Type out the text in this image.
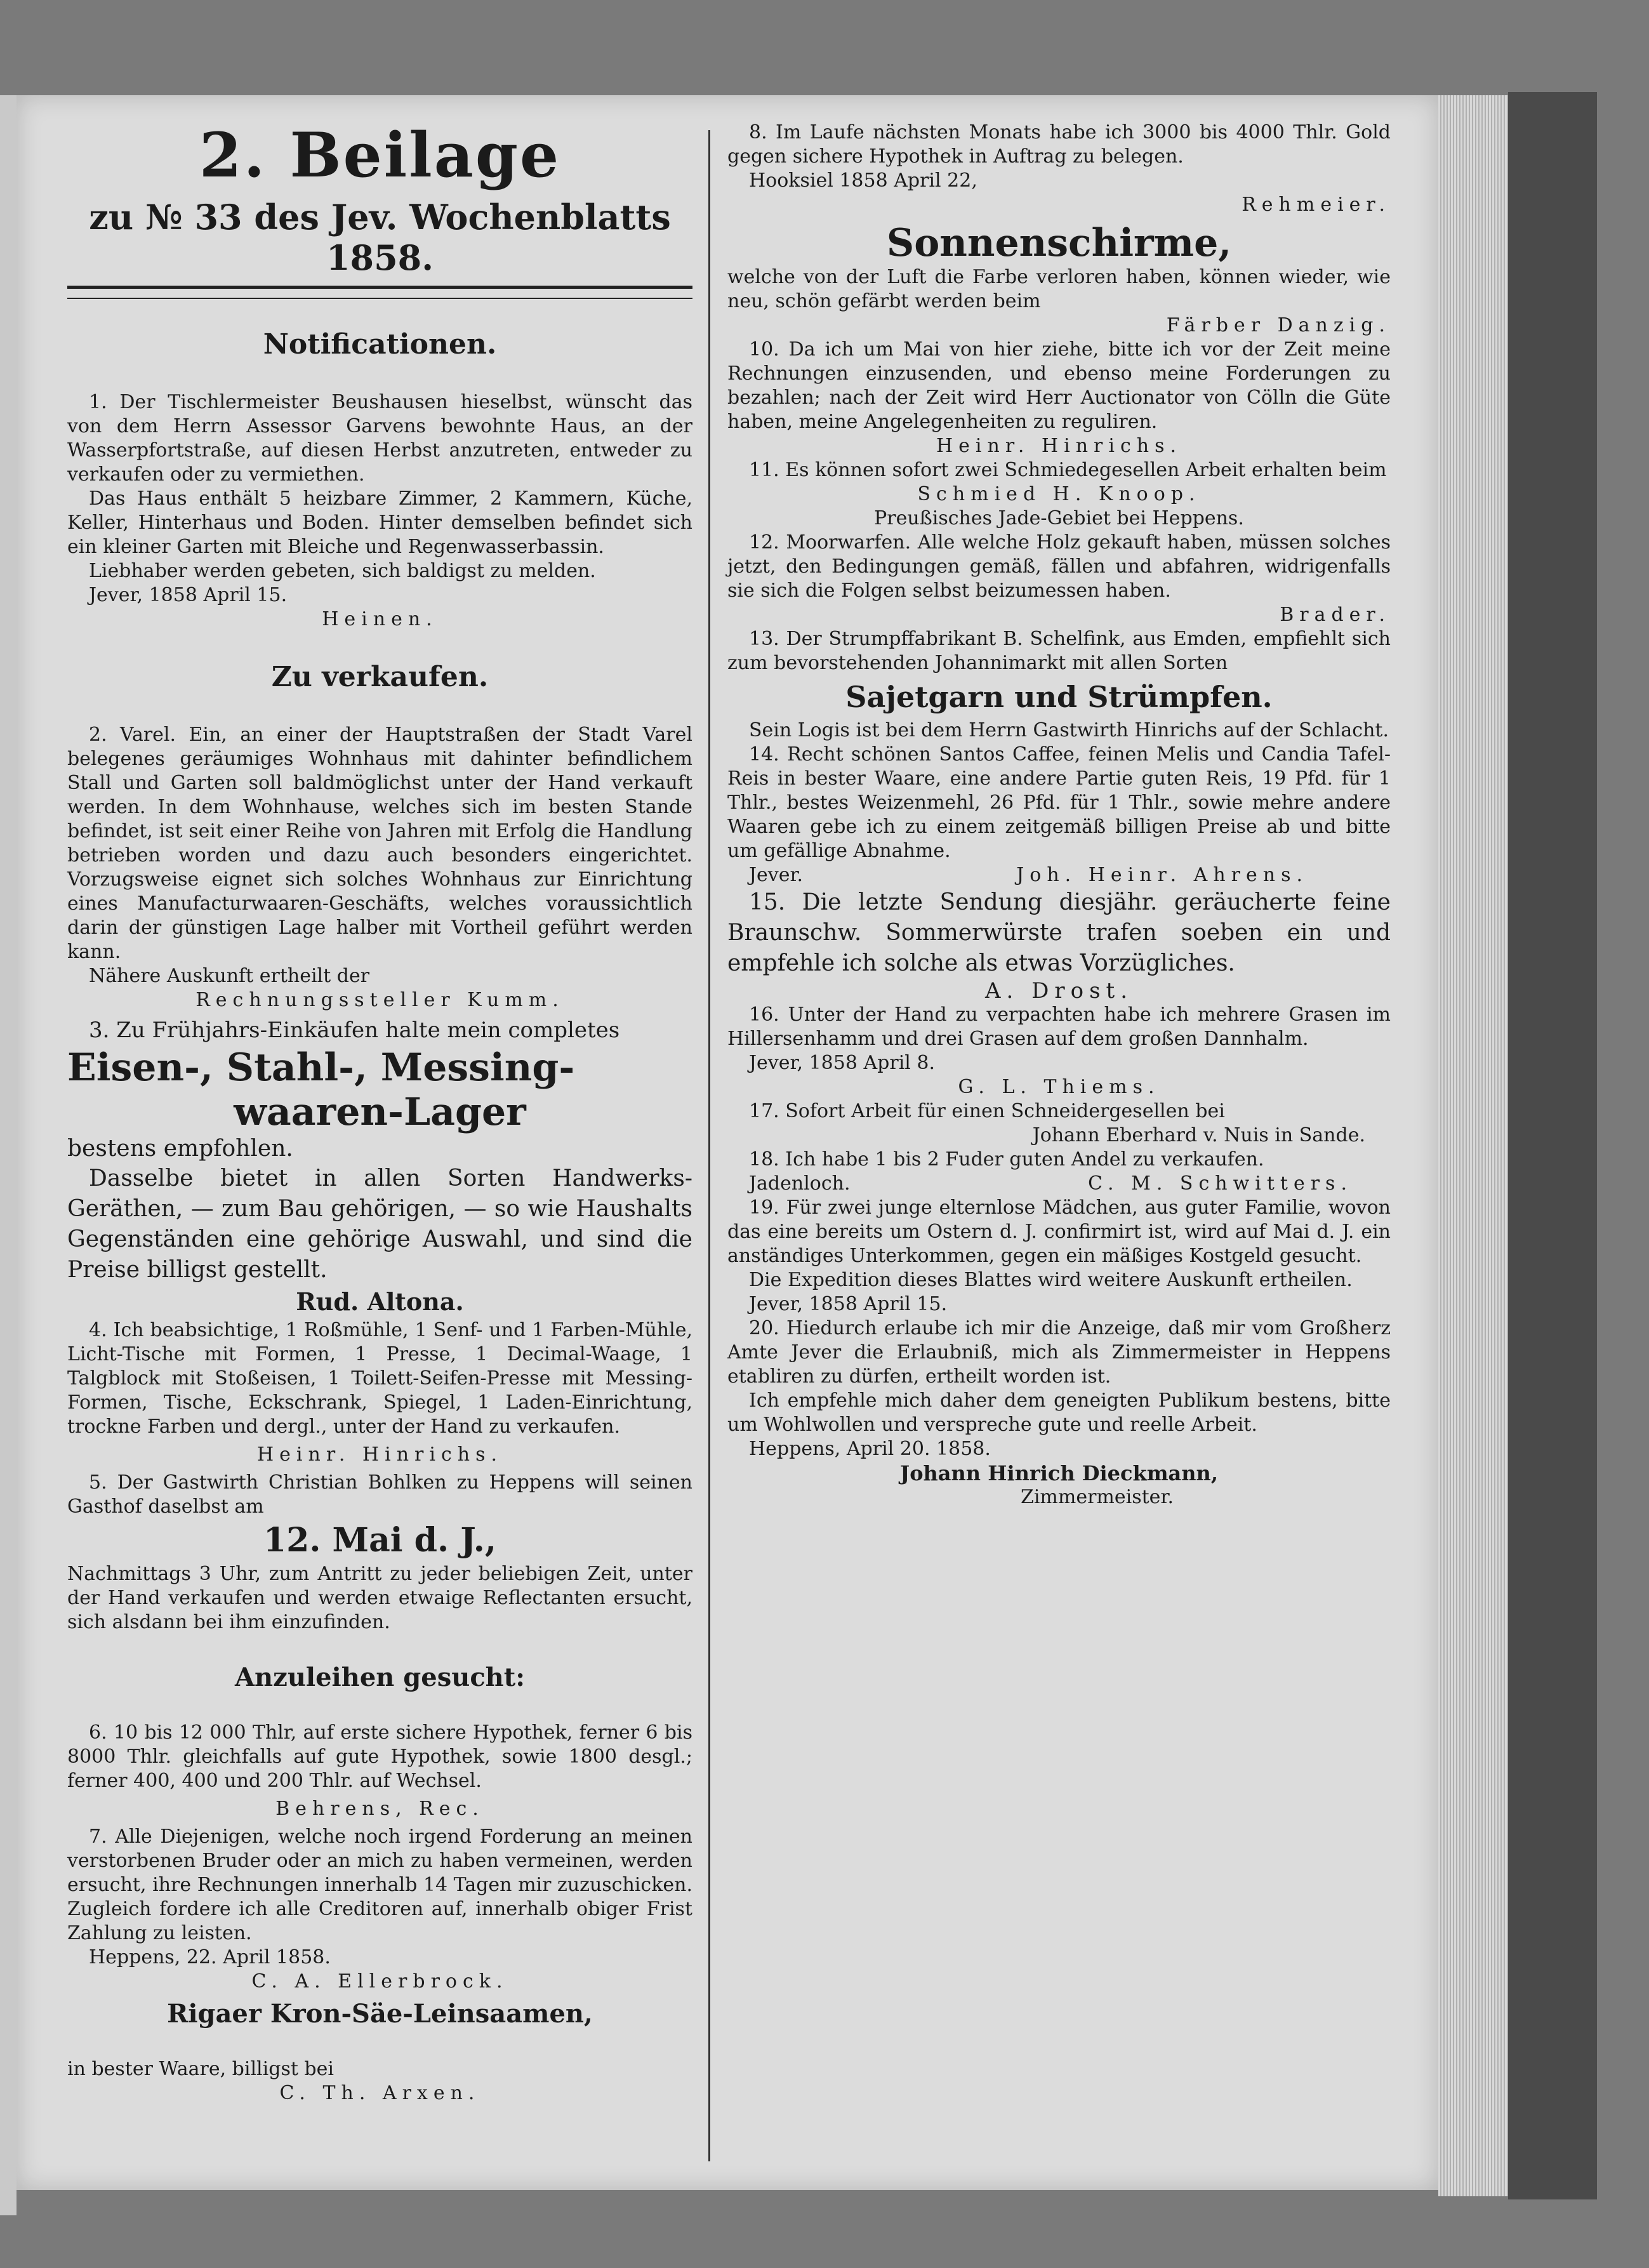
2. Beilage

zu № 33 des Jev. Wochenblatts 1858.

Notificationen.

1. Der Tischlermeister Beushausen hieselbst, wünscht das von dem Herrn Assessor Garvens bewohnte Haus, an der Wasserpfortstraße, auf diesen Herbst anzutreten, entweder zu verkaufen oder zu vermiethen.

Das Haus enthält 5 heizbare Zimmer, 2 Kammern, Küche, Keller, Hinterhaus und Boden. Hinter demselben befindet sich ein kleiner Garten mit Bleiche und Regenwasserbassin.

Liebhaber werden gebeten, sich baldigst zu melden.

Jever, 1858 April 15.

Heinen.

Zu verkaufen.

2. Varel. Ein, an einer der Hauptstraßen der Stadt Varel belegenes geräumiges Wohnhaus mit dahinter befindlichem Stall und Garten soll baldmöglichst unter der Hand verkauft werden. In dem Wohnhause, welches sich im besten Stande befindet, ist seit einer Reihe von Jahren mit Erfolg die Handlung betrieben worden und dazu auch besonders eingerichtet. Vorzugsweise eignet sich solches Wohnhaus zur Einrichtung eines Manufacturwaaren-Geschäfts, welches voraussichtlich darin der günstigen Lage halber mit Vortheil geführt werden kann.

Nähere Auskunft ertheilt der

Rechnungssteller Kumm.

3. Zu Frühjahrs-Einkäufen halte mein completes

Eisen-, Stahl-, Messing-

waaren-Lager

bestens empfohlen.

Dasselbe bietet in allen Sorten Handwerks-Geräthen, — zum Bau gehörigen, — so wie Haushalts Gegenständen eine gehörige Auswahl, und sind die Preise billigst gestellt.

Rud. Altona.

4. Ich beabsichtige, 1 Roßmühle, 1 Senf- und 1 Farben-Mühle, Licht-Tische mit Formen, 1 Presse, 1 Decimal-Waage, 1 Talgblock mit Stoßeisen, 1 Toilett-Seifen-Presse mit Messing-Formen, Tische, Eckschrank, Spiegel, 1 Laden-Einrichtung, trockne Farben und dergl., unter der Hand zu verkaufen.

Heinr. Hinrichs.

5. Der Gastwirth Christian Bohlken zu Heppens will seinen Gasthof daselbst am

12. Mai d. J.,

Nachmittags 3 Uhr, zum Antritt zu jeder beliebigen Zeit, unter der Hand verkaufen und werden etwaige Reflectanten ersucht, sich alsdann bei ihm einzufinden.

Anzuleihen gesucht:

6. 10 bis 12 000 Thlr, auf erste sichere Hypothek, ferner 6 bis 8000 Thlr. gleichfalls auf gute Hypothek, sowie 1800 desgl.; ferner 400, 400 und 200 Thlr. auf Wechsel.

Behrens, Rec.

7. Alle Diejenigen, welche noch irgend Forderung an meinen verstorbenen Bruder oder an mich zu haben vermeinen, werden ersucht, ihre Rechnungen innerhalb 14 Tagen mir zuzuschicken. Zugleich fordere ich alle Creditoren auf, innerhalb obiger Frist Zahlung zu leisten.

Heppens, 22. April 1858.

C. A. Ellerbrock.

Rigaer Kron-Säe-Leinsaamen,

in bester Waare, billigst bei

C. Th. Arxen.

8. Im Laufe nächsten Monats habe ich 3000 bis 4000 Thlr. Gold gegen sichere Hypothek in Auftrag zu belegen.

Hooksiel 1858 April 22,

Rehmeier.

Sonnenschirme,

welche von der Luft die Farbe verloren haben, können wieder, wie neu, schön gefärbt werden beim

Färber Danzig.

10. Da ich um Mai von hier ziehe, bitte ich vor der Zeit meine Rechnungen einzusenden, und ebenso meine Forderungen zu bezahlen; nach der Zeit wird Herr Auctionator von Cölln die Güte haben, meine Angelegenheiten zu reguliren.

Heinr. Hinrichs.

11. Es können sofort zwei Schmiedegesellen Arbeit erhalten beim

Schmied H. Knoop.

Preußisches Jade-Gebiet bei Heppens.

12. Moorwarfen. Alle welche Holz gekauft haben, müssen solches jetzt, den Bedingungen gemäß, fällen und abfahren, widrigenfalls sie sich die Folgen selbst beizumessen haben.

Brader.

13. Der Strumpffabrikant B. Schelfink, aus Emden, empfiehlt sich zum bevorstehenden Johannimarkt mit allen Sorten

Sajetgarn und Strümpfen.

Sein Logis ist bei dem Herrn Gastwirth Hinrichs auf der Schlacht.

14. Recht schönen Santos Caffee, feinen Melis und Candia Tafel-Reis in bester Waare, eine andere Partie guten Reis, 19 Pfd. für 1 Thlr., bestes Weizenmehl, 26 Pfd. für 1 Thlr., sowie mehre andere Waaren gebe ich zu einem zeitgemäß billigen Preise ab und bitte um gefällige Abnahme.

Jever.	Joh. Heinr. Ahrens.

15. Die letzte Sendung diesjähr. geräucherte feine Braunschw. Sommerwürste trafen soeben ein und empfehle ich solche als etwas Vorzügliches.

A. Drost.

16. Unter der Hand zu verpachten habe ich mehrere Grasen im Hillersenhamm und drei Grasen auf dem großen Dannhalm.

Jever, 1858 April 8.

G. L. Thiems.

17. Sofort Arbeit für einen Schneidergesellen bei

Johann Eberhard v. Nuis in Sande.

18. Ich habe 1 bis 2 Fuder guten Andel zu verkaufen.

Jadenloch.	C. M. Schwitters.

19. Für zwei junge elternlose Mädchen, aus guter Familie, wovon das eine bereits um Ostern d. J. confirmirt ist, wird auf Mai d. J. ein anständiges Unterkommen, gegen ein mäßiges Kostgeld gesucht.

Die Expedition dieses Blattes wird weitere Auskunft ertheilen.

Jever, 1858 April 15.

20. Hiedurch erlaube ich mir die Anzeige, daß mir vom Großherz Amte Jever die Erlaubniß, mich als Zimmermeister in Heppens etabliren zu dürfen, ertheilt worden ist.

Ich empfehle mich daher dem geneigten Publikum bestens, bitte um Wohlwollen und verspreche gute und reelle Arbeit.

Heppens, April 20. 1858.

Johann Hinrich Dieckmann,

Zimmermeister.
